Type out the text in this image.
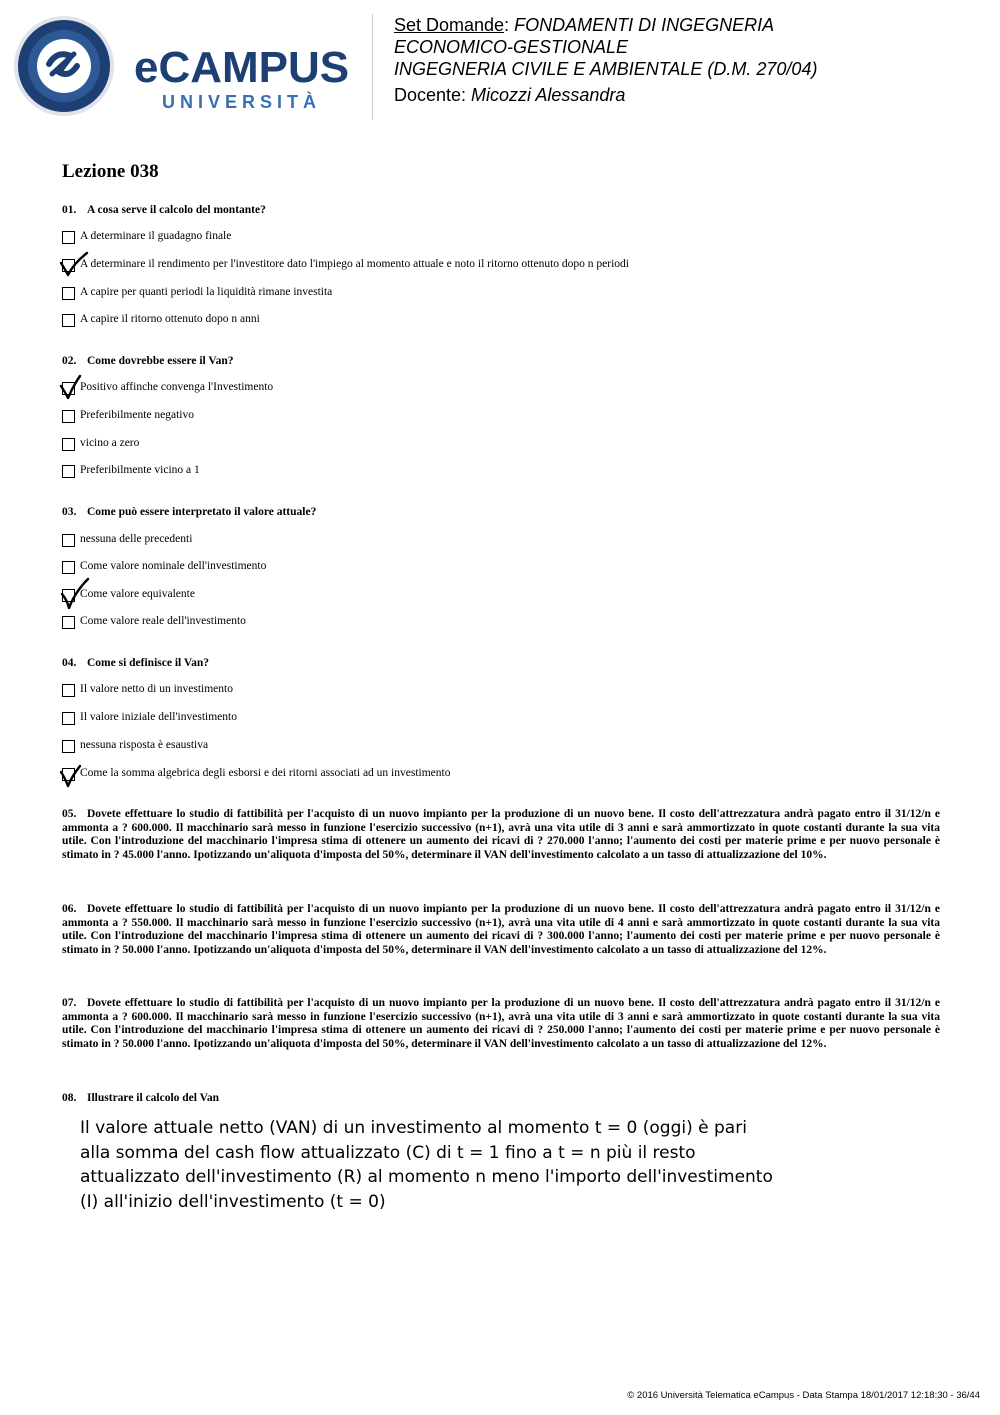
eCAMPUS
UNIVERSITÀ
Set Domande: FONDAMENTI DI INGEGNERIA
ECONOMICO-GESTIONALE
INGEGNERIA CIVILE E AMBIENTALE (D.M. 270/04)
Docente: Micozzi Alessandra
Lezione 038
01. A cosa serve il calcolo del montante?
A determinare il guadagno finale
A determinare il rendimento per l'investitore dato l'impiego al momento attuale e noto il ritorno ottenuto dopo n periodi
A capire per quanti periodi la liquidità rimane investita
A capire il ritorno ottenuto dopo n anni
02. Come dovrebbe essere il Van?
Positivo affinche convenga l'Investimento
Preferibilmente negativo
vicino a zero
Preferibilmente vicino a 1
03. Come può essere interpretato il valore attuale?
nessuna delle precedenti
Come valore nominale dell'investimento
Come valore equivalente
Come valore reale dell'investimento
04. Come si definisce il Van?
Il valore netto di un investimento
Il valore iniziale dell'investimento
nessuna risposta è esaustiva
Come la somma algebrica degli esborsi e dei ritorni associati ad un investimento
05. Dovete effettuare lo studio di fattibilità per l'acquisto di un nuovo impianto per la produzione di un nuovo bene. Il costo dell'attrezzatura andrà pagato entro il 31/12/n e ammonta a ? 600.000. Il macchinario sarà messo in funzione l'esercizio successivo (n+1), avrà una vita utile di 3 anni e sarà ammortizzato in quote costanti durante la sua vita utile. Con l'introduzione del macchinario l'impresa stima di ottenere un aumento dei ricavi di ? 270.000 l'anno; l'aumento dei costi per materie prime e per nuovo personale è stimato in ? 45.000 l'anno. Ipotizzando un'aliquota d'imposta del 50%, determinare il VAN dell'investimento calcolato a un tasso di attualizzazione del 10%.
06. Dovete effettuare lo studio di fattibilità per l'acquisto di un nuovo impianto per la produzione di un nuovo bene. Il costo dell'attrezzatura andrà pagato entro il 31/12/n e ammonta a ? 550.000. Il macchinario sarà messo in funzione l'esercizio successivo (n+1), avrà una vita utile di 4 anni e sarà ammortizzato in quote costanti durante la sua vita utile. Con l'introduzione del macchinario l'impresa stima di ottenere un aumento dei ricavi di ? 300.000 l'anno; l'aumento dei costi per materie prime e per nuovo personale è stimato in ? 50.000 l'anno. Ipotizzando un'aliquota d'imposta del 50%, determinare il VAN dell'investimento calcolato a un tasso di attualizzazione del 12%.
07. Dovete effettuare lo studio di fattibilità per l'acquisto di un nuovo impianto per la produzione di un nuovo bene. Il costo dell'attrezzatura andrà pagato entro il 31/12/n e ammonta a ? 600.000. Il macchinario sarà messo in funzione l'esercizio successivo (n+1), avrà una vita utile di 3 anni e sarà ammortizzato in quote costanti durante la sua vita utile. Con l'introduzione del macchinario l'impresa stima di ottenere un aumento dei ricavi di ? 250.000 l'anno; l'aumento dei costi per materie prime e per nuovo personale è stimato in ? 50.000 l'anno. Ipotizzando un'aliquota d'imposta del 50%, determinare il VAN dell'investimento calcolato a un tasso di attualizzazione del 12%.
08. Illustrare il calcolo del Van
Il valore attuale netto (VAN) di un investimento al momento t = 0 (oggi) è pari alla somma del cash flow attualizzato (C) di t = 1 fino a t = n più il resto attualizzato dell'investimento (R) al momento n meno l'importo dell'investimento (I) all'inizio dell'investimento (t = 0)
© 2016 Università Telematica eCampus - Data Stampa 18/01/2017 12:18:30 - 36/44
